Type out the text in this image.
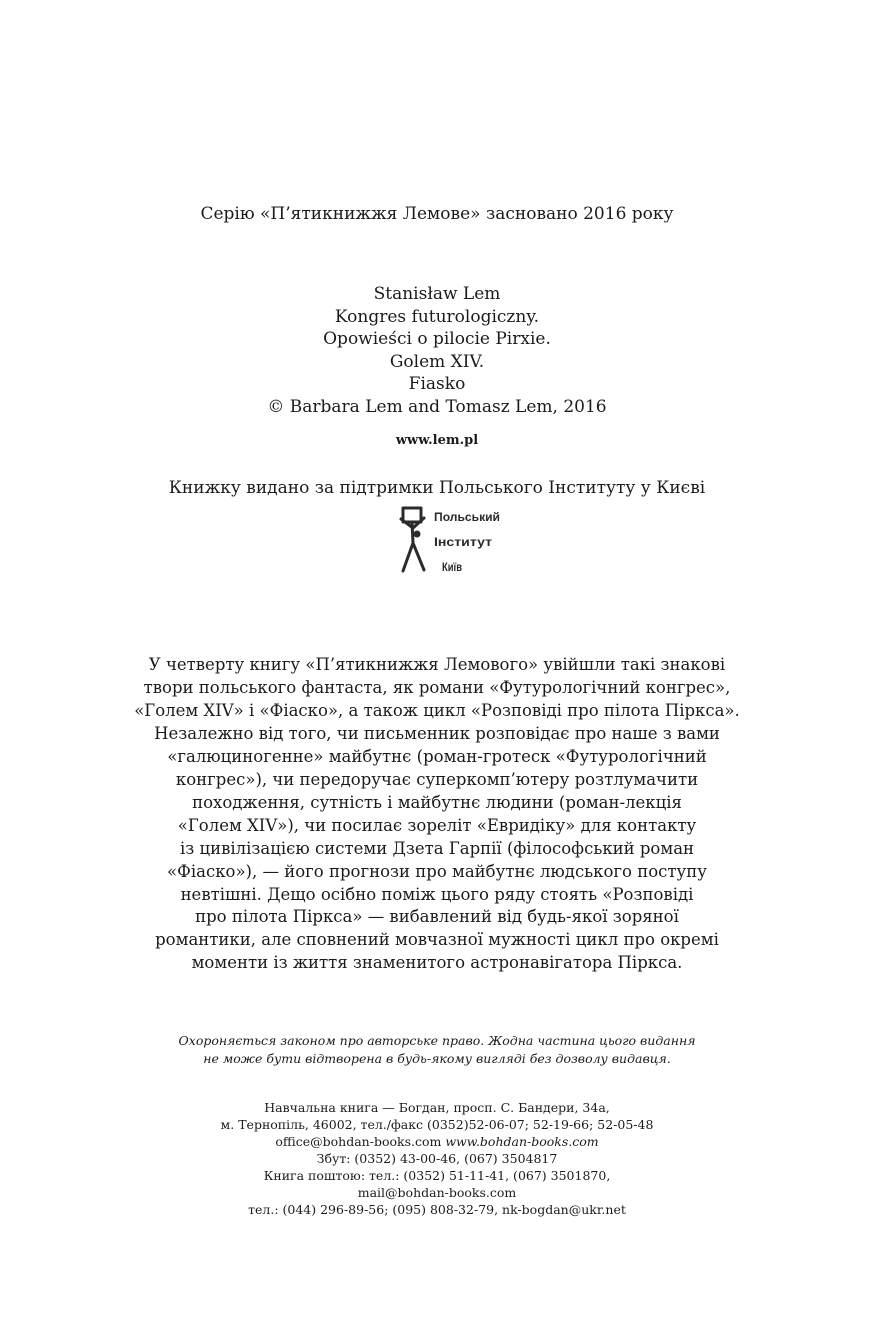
Серію «П’ятикнижжя Лемове» засновано 2016 року
Stanisław Lem
Kongres futurologiczny.
Opowieści o pilocie Pirxie.
Golem XIV.
Fiasko
© Barbara Lem and Tomasz Lem, 2016
www.lem.pl
Книжку видано за підтримки Польського Інституту у Києві
Польський
Інститут
Київ
У четверту книгу «П’ятикнижжя Лемового» увійшли такі знакові
твори польського фантаста, як романи «Футурологічний конгрес»,
«Голем XIV» і «Фіаско», а також цикл «Розповіді про пілота Піркса».
Незалежно від того, чи письменник розповідає про наше з вами
«галюциногенне» майбутнє (роман-гротеск «Футурологічний
конгрес»), чи передоручає суперкомп’ютеру розтлумачити
походження, сутність і майбутнє людини (роман-лекція
«Голем XIV»), чи посилає зореліт «Евридіку» для контакту
із цивілізацією системи Дзета Гарпії (філософський роман
«Фіаско»), — його прогнози про майбутнє людського поступу
невтішні. Дещо осібно поміж цього ряду стоять «Розповіді
про пілота Піркса» — вибавлений від будь-якої зоряної
романтики, але сповнений мовчазної мужності цикл про окремі
моменти із життя знаменитого астронавігатора Піркса.
Охороняється законом про авторське право. Жодна частина цього видання
не може бути відтворена в будь-якому вигляді без дозволу видавця.
Навчальна книга — Богдан, просп. С. Бандери, 34а,
м. Тернопіль, 46002, тел./факс (0352)52-06-07; 52-19-66; 52-05-48
office@bohdan-books.com www.bohdan-books.com
Збут: (0352) 43-00-46, (067) 3504817
Книга поштою: тел.: (0352) 51-11-41, (067) 3501870,
mail@bohdan-books.com
тел.: (044) 296-89-56; (095) 808-32-79, nk-bogdan@ukr.net
